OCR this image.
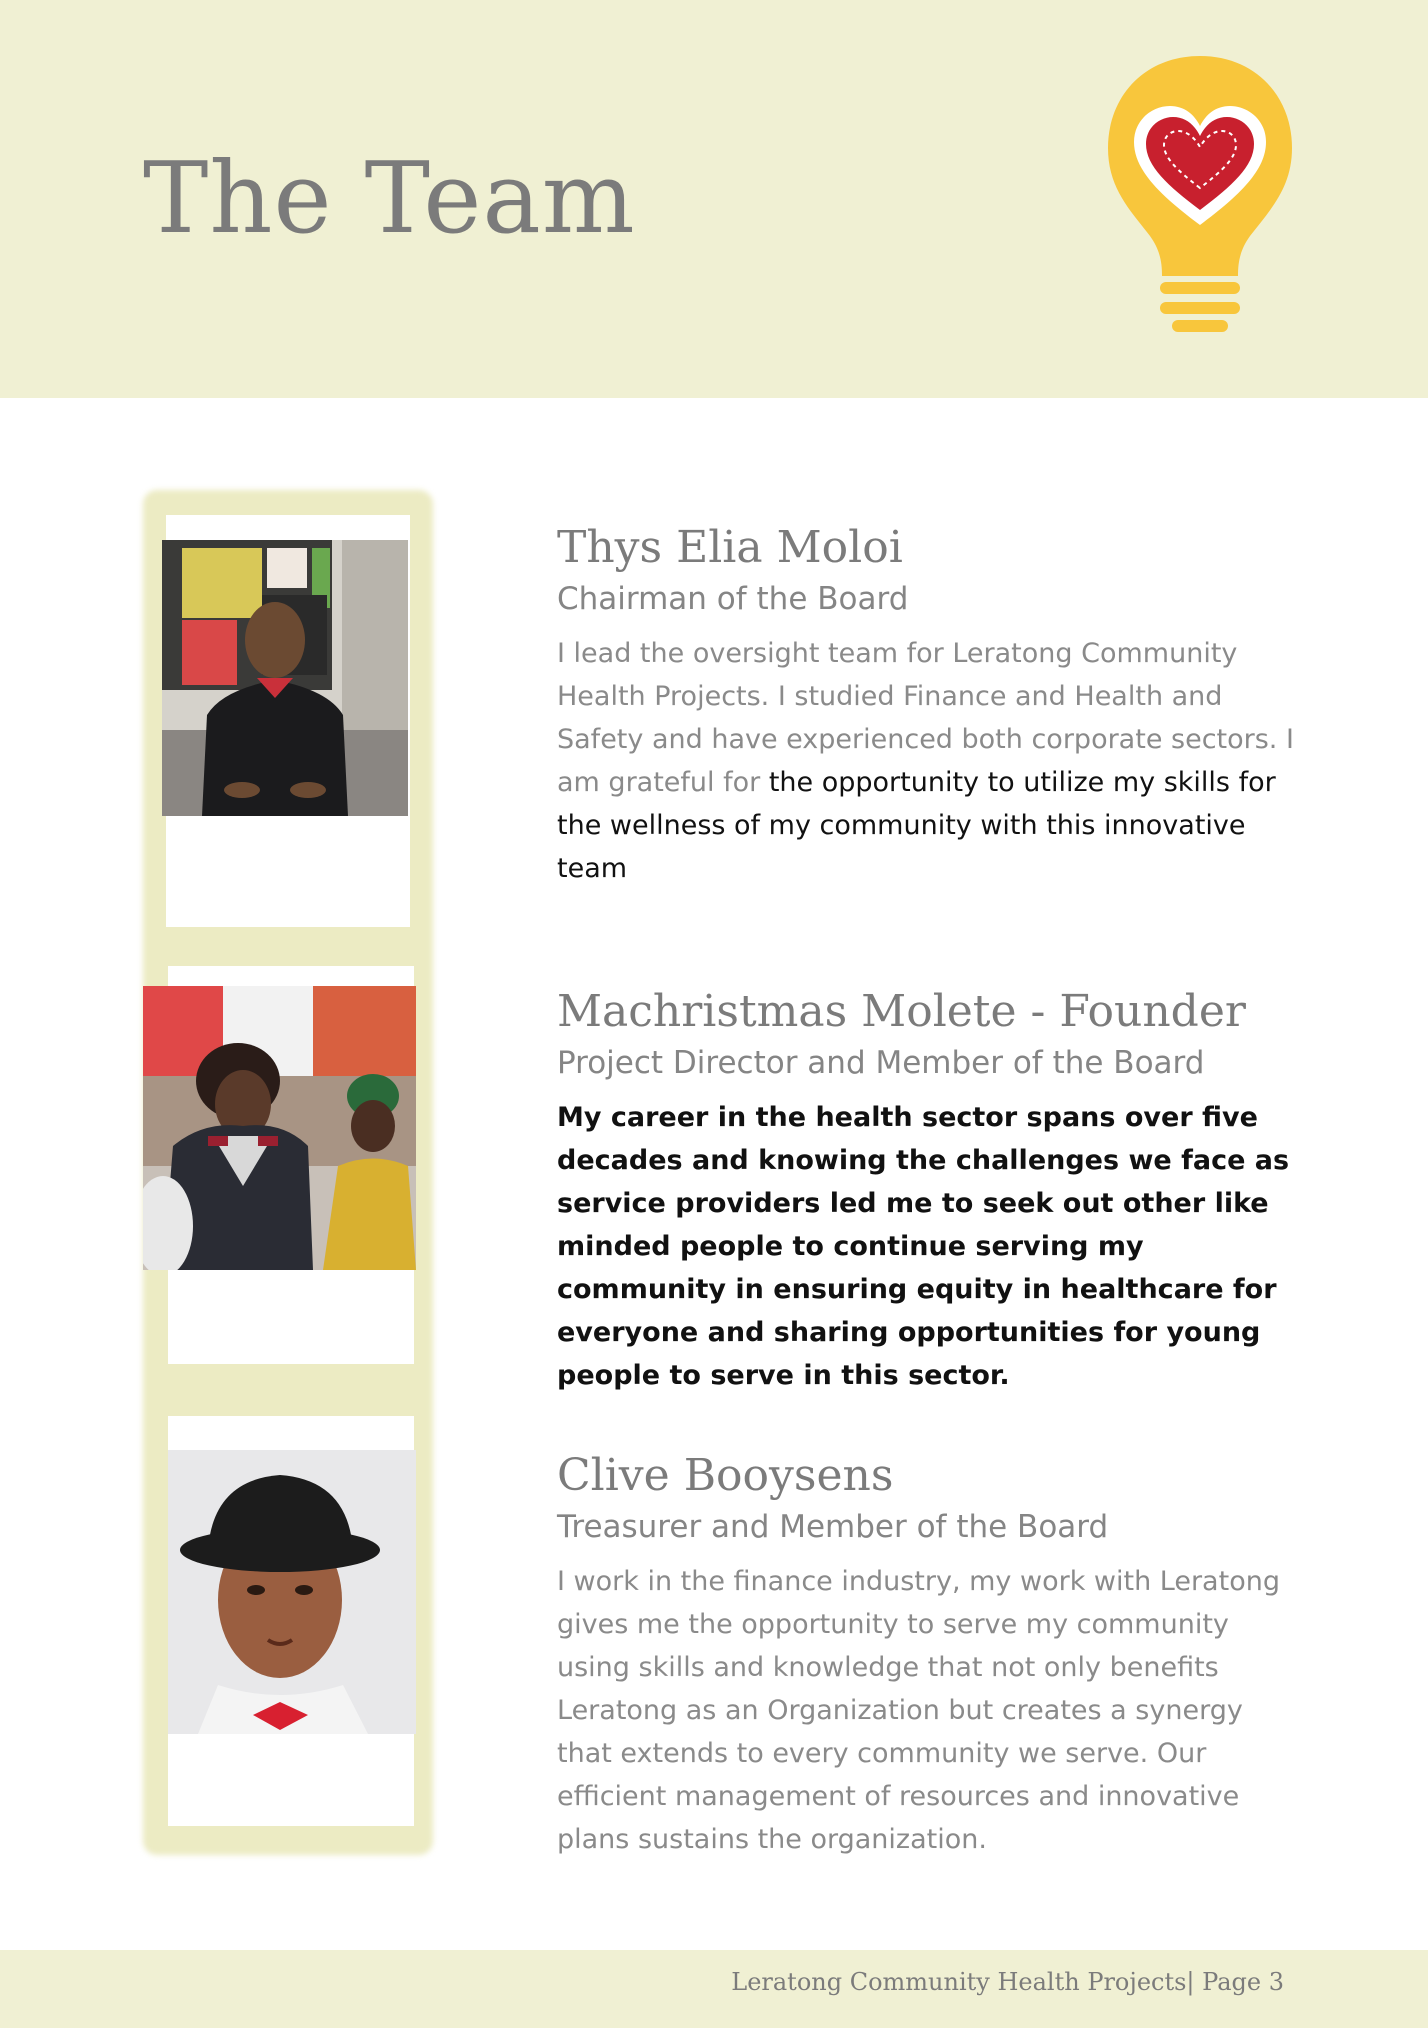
The Team
Thys Elia Moloi
Chairman of the Board
I lead the oversight team for Leratong Community Health Projects. I studied Finance and Health and Safety and have experienced both corporate sectors. I am grateful for the opportunity to utilize my skills for the wellness of my community with this innovative team
Machristmas Molete - Founder
Project Director and Member of the Board
My career in the health sector spans over five decades and knowing the challenges we face as service providers led me to seek out other like minded people to continue serving my community in ensuring equity in healthcare for everyone and sharing opportunities for young people to serve in this sector.
Clive Booysens
Treasurer and Member of the Board
I work in the finance industry, my work with Leratong gives me the opportunity to serve my community using skills and knowledge that not only benefits Leratong as an Organization but creates a synergy that extends to every community we serve. Our efficient management of resources and innovative plans sustains the organization.
Leratong Community Health Projects| Page 3
